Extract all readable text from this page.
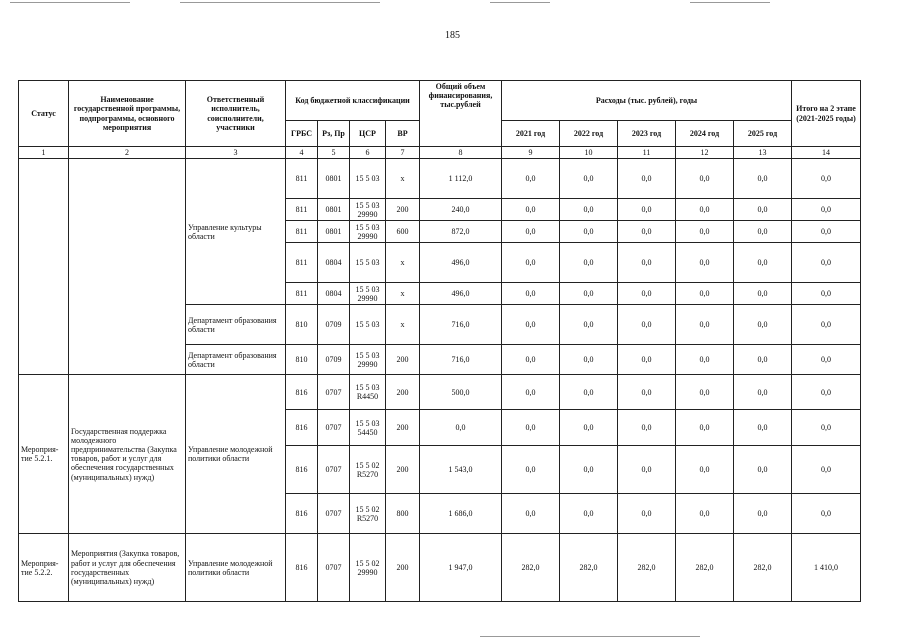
185
Статус	Наименование государственной программы, подпрограммы, основного мероприятия	Ответственный исполнитель, соисполнители, участники	Код бюджетной классификации				Общий объем финансирования, тыс.рублей	Расходы (тыс. рублей), годы					Итого на 2 этапе (2021-2025 годы)
			ГРБС	Рз, Пр	ЦСР	ВР		2021 год	2022 год	2023 год	2024 год	2025 год	
1	2	3	4	5	6	7	8	9	10	11	12	13	14
		Управление культуры области	811	0801	15 5 03	х	1 112,0	0,0	0,0	0,0	0,0	0,0	0,0
			811	0801	15 5 03 29990	200	240,0	0,0	0,0	0,0	0,0	0,0	0,0
			811	0801	15 5 03 29990	600	872,0	0,0	0,0	0,0	0,0	0,0	0,0
			811	0804	15 5 03	х	496,0	0,0	0,0	0,0	0,0	0,0	0,0
			811	0804	15 5 03 29990	х	496,0	0,0	0,0	0,0	0,0	0,0	0,0
		Департамент образования области	810	0709	15 5 03	х	716,0	0,0	0,0	0,0	0,0	0,0	0,0
		Департамент образования области	810	0709	15 5 03 29990	200	716,0	0,0	0,0	0,0	0,0	0,0	0,0
Мероприя-тие 5.2.1.	Государственная поддержка молодежного предпринимательства (Закупка товаров, работ и услуг для обеспечения государственных (муниципальных) нужд)	Управление молодежной политики области	816	0707	15 5 03 R4450	200	500,0	0,0	0,0	0,0	0,0	0,0	0,0
			816	0707	15 5 03 54450	200	0,0	0,0	0,0	0,0	0,0	0,0	0,0
			816	0707	15 5 02 R5270	200	1 543,0	0,0	0,0	0,0	0,0	0,0	0,0
			816	0707	15 5 02 R5270	800	1 686,0	0,0	0,0	0,0	0,0	0,0	0,0
Мероприя-тие 5.2.2.	Мероприятия (Закупка товаров, работ и услуг для обеспечения государственных (муниципальных) нужд)	Управление молодежной политики области	816	0707	15 5 02 29990	200	1 947,0	282,0	282,0	282,0	282,0	282,0	1 410,0
